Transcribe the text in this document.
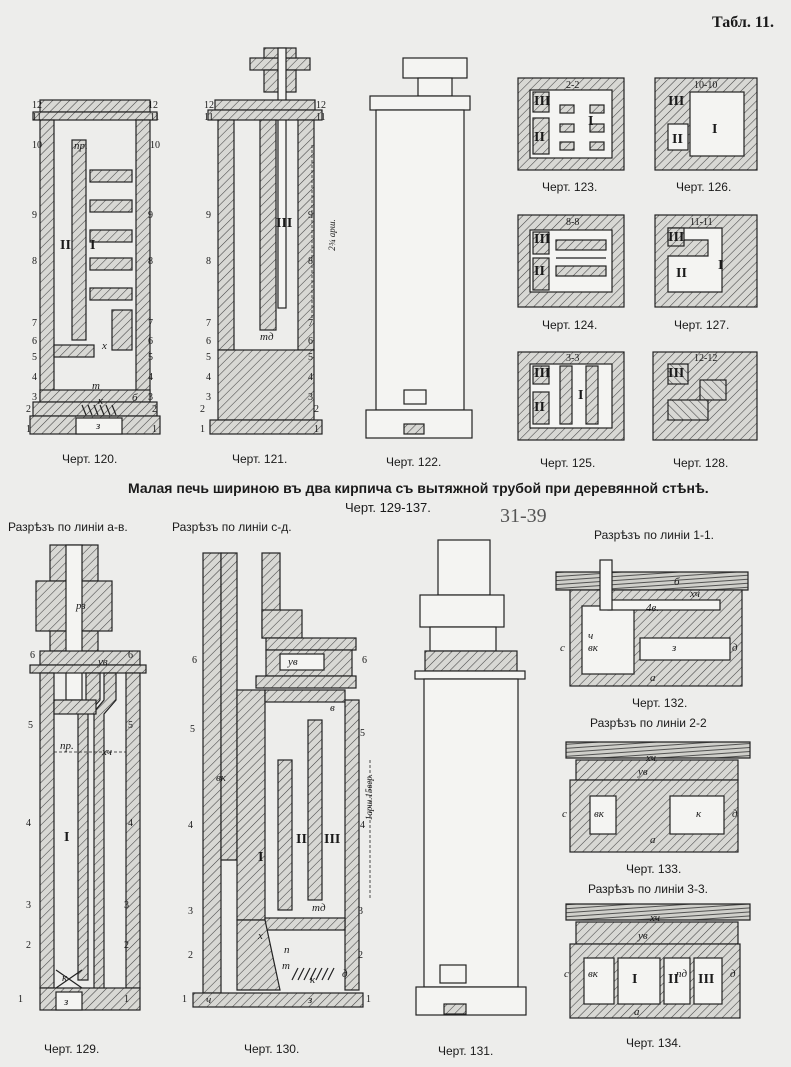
Табл. 11.
Малая печь шириною въ два кирпича съ вытяжной трубой при деревянной стѣнѣ.
Черт. 129-137.	31-39
Черт. 120.	Черт. 121.	Черт. 122.
Черт. 123.	Черт. 126.
Черт. 124.	Черт. 127.
Черт. 125.	Черт. 128.
Черт. 129.	Черт. 130.	Черт. 131.
Черт. 132.
Черт. 133.
Черт. 134.
Разрѣзъ по линіи а-в.	Разрѣзъ по линіи с-д.
Разрѣзъ по линіи 1-1.
Разрѣзъ по линіи 2-2
Разрѣзъ по линіи 3-3.
2-2	10-10
8-8	11-11
3-3	12-12
I
II
III
I
III
II
II
III
I
II
III
I
II
III	III
II I
III
I
I
II III
I II III
пр.
х
т
б
к
з
тд
2¾ арш.
рз
ув
пр.	хч
к
з
ув
вк
в
тд
х
п
т
к д
ч	з
1арш.15вер.
б
хч
4в.
ч
вк	з
с	д
а
хч
ув
вк	к
с	д
а
хч
ув
вк	пд
с	д
а
12
11
10
9
8
7
6
5
4
3
2
1
12
11
10
9
8
7
6
5
4
3
2
1
12
11
9
8
7
6
5
4
3
2
1
12
11
9
8
7
6
5
4
3
2
1
6
5
4
3
2
1
6
5
4
3
2
1
6
5
4
3
2
1
6
5
4
3
2
1
